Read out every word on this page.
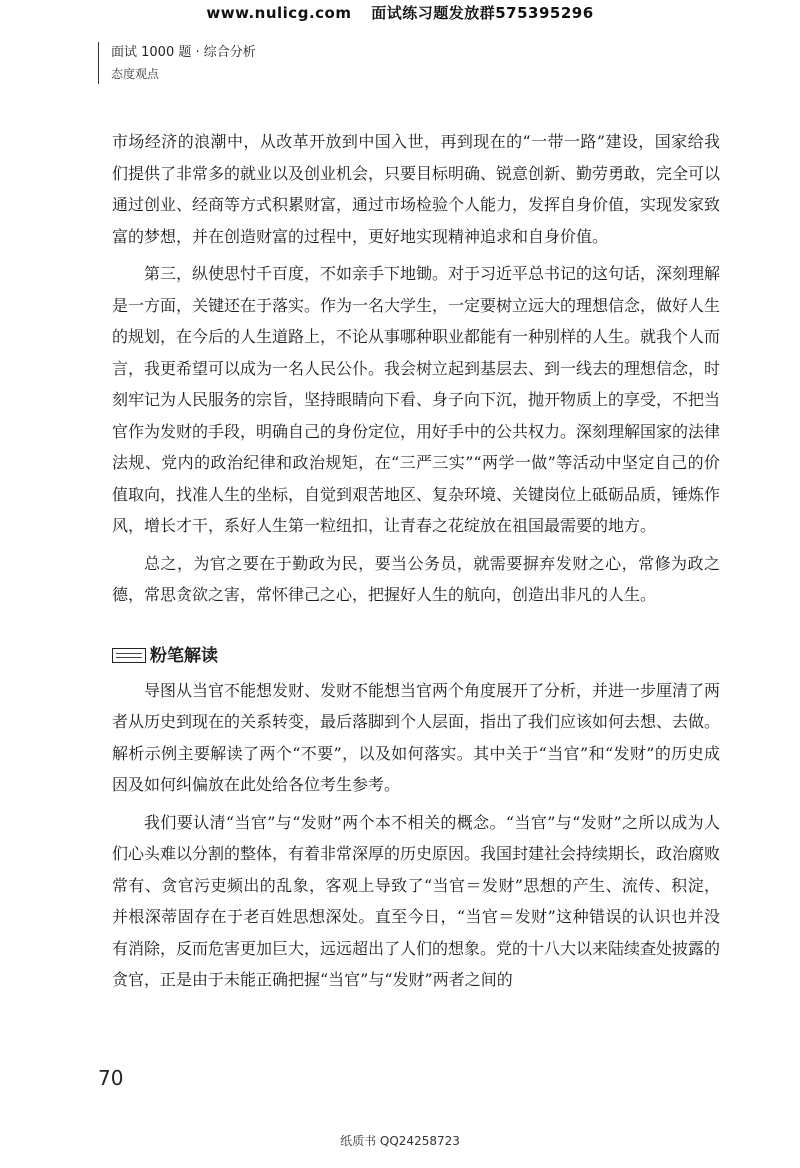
www.nulicg.com 面试练习题发放群575395296
面试 1000 题 · 综合分析
态度观点

市场经济的浪潮中，从改革开放到中国入世，再到现在的“一带一路”建设，国家给我们提供了非常多的就业以及创业机会，只要目标明确、锐意创新、勤劳勇敢，完全可以通过创业、经商等方式积累财富，通过市场检验个人能力，发挥自身价值，实现发家致富的梦想，并在创造财富的过程中，更好地实现精神追求和自身价值。

第三，纵使思忖千百度，不如亲手下地锄。对于习近平总书记的这句话，深刻理解是一方面，关键还在于落实。作为一名大学生，一定要树立远大的理想信念，做好人生的规划，在今后的人生道路上，不论从事哪种职业都能有一种别样的人生。就我个人而言，我更希望可以成为一名人民公仆。我会树立起到基层去、到一线去的理想信念，时刻牢记为人民服务的宗旨，坚持眼睛向下看、身子向下沉，抛开物质上的享受，不把当官作为发财的手段，明确自己的身份定位，用好手中的公共权力。深刻理解国家的法律法规、党内的政治纪律和政治规矩，在“三严三实”“两学一做”等活动中坚定自己的价值取向，找准人生的坐标，自觉到艰苦地区、复杂环境、关键岗位上砥砺品质，锤炼作风，增长才干，系好人生第一粒纽扣，让青春之花绽放在祖国最需要的地方。

总之，为官之要在于勤政为民，要当公务员，就需要摒弃发财之心，常修为政之德，常思贪欲之害，常怀律己之心，把握好人生的航向，创造出非凡的人生。

粉笔解读

导图从当官不能想发财、发财不能想当官两个角度展开了分析，并进一步厘清了两者从历史到现在的关系转变，最后落脚到个人层面，指出了我们应该如何去想、去做。解析示例主要解读了两个“不要”，以及如何落实。其中关于“当官”和“发财”的历史成因及如何纠偏放在此处给各位考生参考。

我们要认清“当官”与“发财”两个本不相关的概念。“当官”与“发财”之所以成为人们心头难以分割的整体，有着非常深厚的历史原因。我国封建社会持续期长，政治腐败常有、贪官污吏频出的乱象，客观上导致了“当官＝发财”思想的产生、流传、积淀，并根深蒂固存在于老百姓思想深处。直至今日，“当官＝发财”这种错误的认识也并没有消除，反而危害更加巨大，远远超出了人们的想象。党的十八大以来陆续查处披露的贪官，正是由于未能正确把握“当官”与“发财”两者之间的

70
纸质书 QQ24258723
